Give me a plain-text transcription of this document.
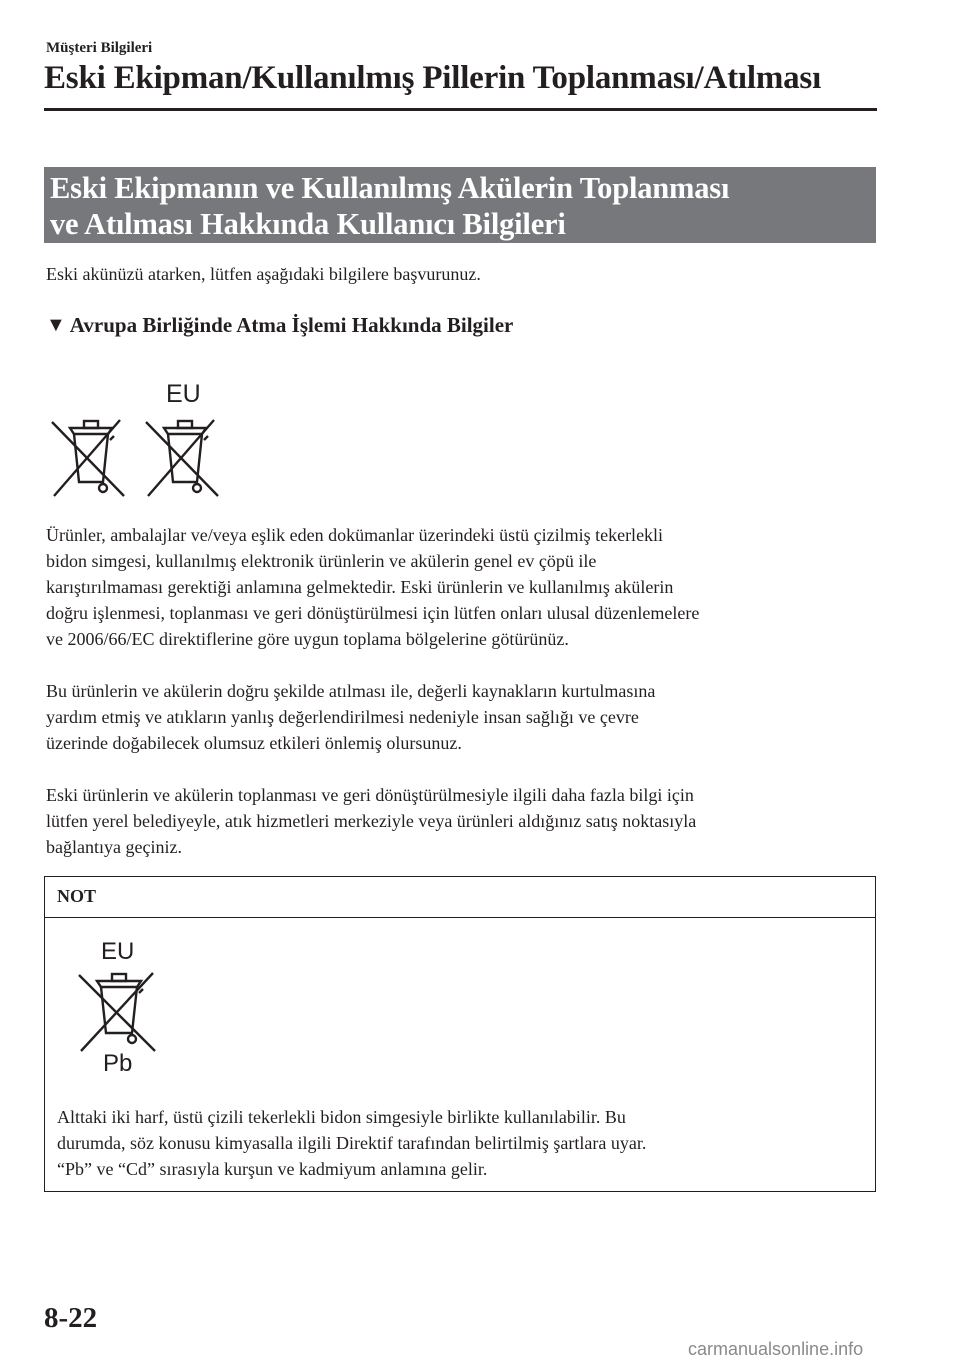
Müşteri Bilgileri
Eski Ekipman/Kullanılmış Pillerin Toplanması/Atılması
Eski Ekipmanın ve Kullanılmış Akülerin Toplanması
ve Atılması Hakkında Kullanıcı Bilgileri
Eski akünüzü atarken, lütfen aşağıdaki bilgilere başvurunuz.
▼ Avrupa Birliğinde Atma İşlemi Hakkında Bilgiler
EU
Ürünler, ambalajlar ve/veya eşlik eden dokümanlar üzerindeki üstü çizilmiş tekerlekli
bidon simgesi, kullanılmış elektronik ürünlerin ve akülerin genel ev çöpü ile
karıştırılmaması gerektiği anlamına gelmektedir. Eski ürünlerin ve kullanılmış akülerin
doğru işlenmesi, toplanması ve geri dönüştürülmesi için lütfen onları ulusal düzenlemelere
ve 2006/66/EC direktiflerine göre uygun toplama bölgelerine götürünüz.
Bu ürünlerin ve akülerin doğru şekilde atılması ile, değerli kaynakların kurtulmasına
yardım etmiş ve atıkların yanlış değerlendirilmesi nedeniyle insan sağlığı ve çevre
üzerinde doğabilecek olumsuz etkileri önlemiş olursunuz.
Eski ürünlerin ve akülerin toplanması ve geri dönüştürülmesiyle ilgili daha fazla bilgi için
lütfen yerel belediyeyle, atık hizmetleri merkeziyle veya ürünleri aldığınız satış noktasıyla
bağlantıya geçiniz.
NOT
EU
Pb
Alttaki iki harf, üstü çizili tekerlekli bidon simgesiyle birlikte kullanılabilir. Bu
durumda, söz konusu kimyasalla ilgili Direktif tarafından belirtilmiş şartlara uyar.
“Pb” ve “Cd” sırasıyla kurşun ve kadmiyum anlamına gelir.
8-22
carmanualsonline.info
